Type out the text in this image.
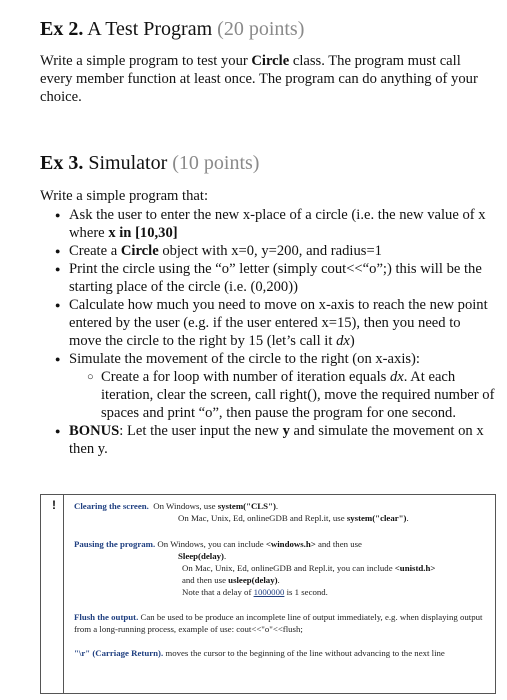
Ex 2. A Test Program (20 points)

Write a simple program to test your Circle class. The program must call every member function at least once. The program can do anything of your choice.

Ex 3. Simulator (10 points)

Write a simple program that:

● Ask the user to enter the new x-place of a circle (i.e. the new value of x where x in [10,30]
● Create a Circle object with x=0, y=200, and radius=1
● Print the circle using the “o” letter (simply cout<<“o”;) this will be the starting place of the circle (i.e. (0,200))
● Calculate how much you need to move on x-axis to reach the new point entered by the user (e.g. if the user entered x=15), then you need to move the circle to the right by 15 (let’s call it dx)
● Simulate the movement of the circle to the right (on x-axis):
○ Create a for loop with number of iteration equals dx. At each iteration, clear the screen, call right(), move the required number of spaces and print “o”, then pause the program for one second.
● BONUS: Let the user input the new y and simulate the movement on x then y.
! Clearing the screen. On Windows, use system("CLS").
On Mac, Unix, Ed, onlineGDB and Repl.it, use system("clear").
Pausing the program. On Windows, you can include <windows.h> and then use
Sleep(delay).
On Mac, Unix, Ed, onlineGDB and Repl.it, you can include <unistd.h>
and then use usleep(delay).
Note that a delay of 1000000 is 1 second.
Flush the output. Can be used to be produce an incomplete line of output immediately, e.g. when displaying output from a long-running process, example of use: cout<<"o"<<flush;
"\r" (Carriage Return). moves the cursor to the beginning of the line without advancing to the next line
